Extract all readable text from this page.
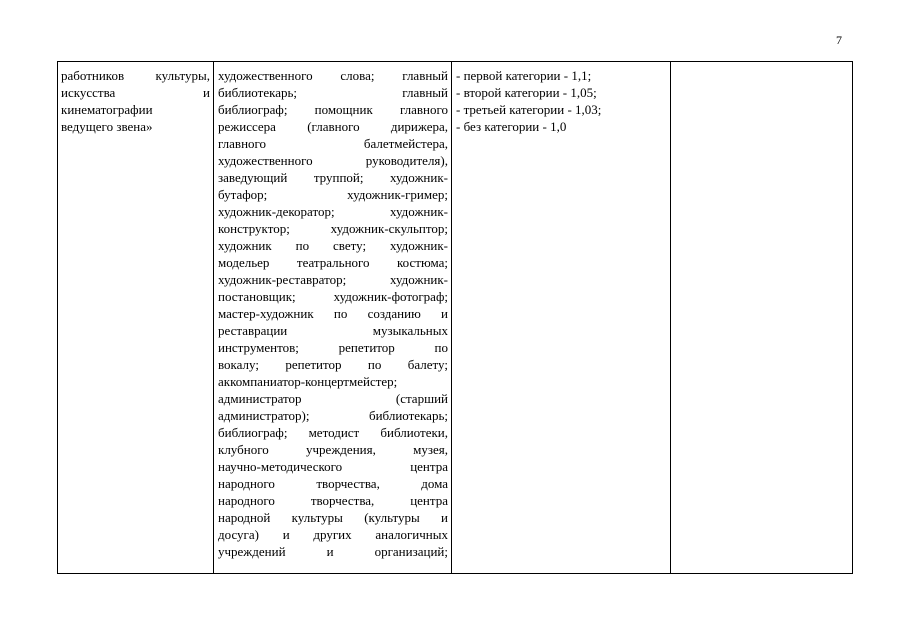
7
работников культуры,
искусства и
кинематографии
ведущего звена»
художественного слова; главный
библиотекарь; главный
библиограф; помощник главного
режиссера (главного дирижера,
главного балетмейстера,
художественного руководителя),
заведующий труппой; художник-
бутафор; художник-гример;
художник-декоратор; художник-
конструктор; художник-скульптор;
художник по свету; художник-
модельер театрального костюма;
художник-реставратор; художник-
постановщик; художник-фотограф;
мастер-художник по созданию и
реставрации музыкальных
инструментов; репетитор по
вокалу; репетитор по балету;
аккомпаниатор-концертмейстер;
администратор (старший
администратор); библиотекарь;
библиограф; методист библиотеки,
клубного учреждения, музея,
научно-методического центра
народного творчества, дома
народного творчества, центра
народной культуры (культуры и
досуга) и других аналогичных
учреждений и организаций;
- первой категории - 1,1;
- второй категории - 1,05;
- третьей категории - 1,03;
- без категории - 1,0
